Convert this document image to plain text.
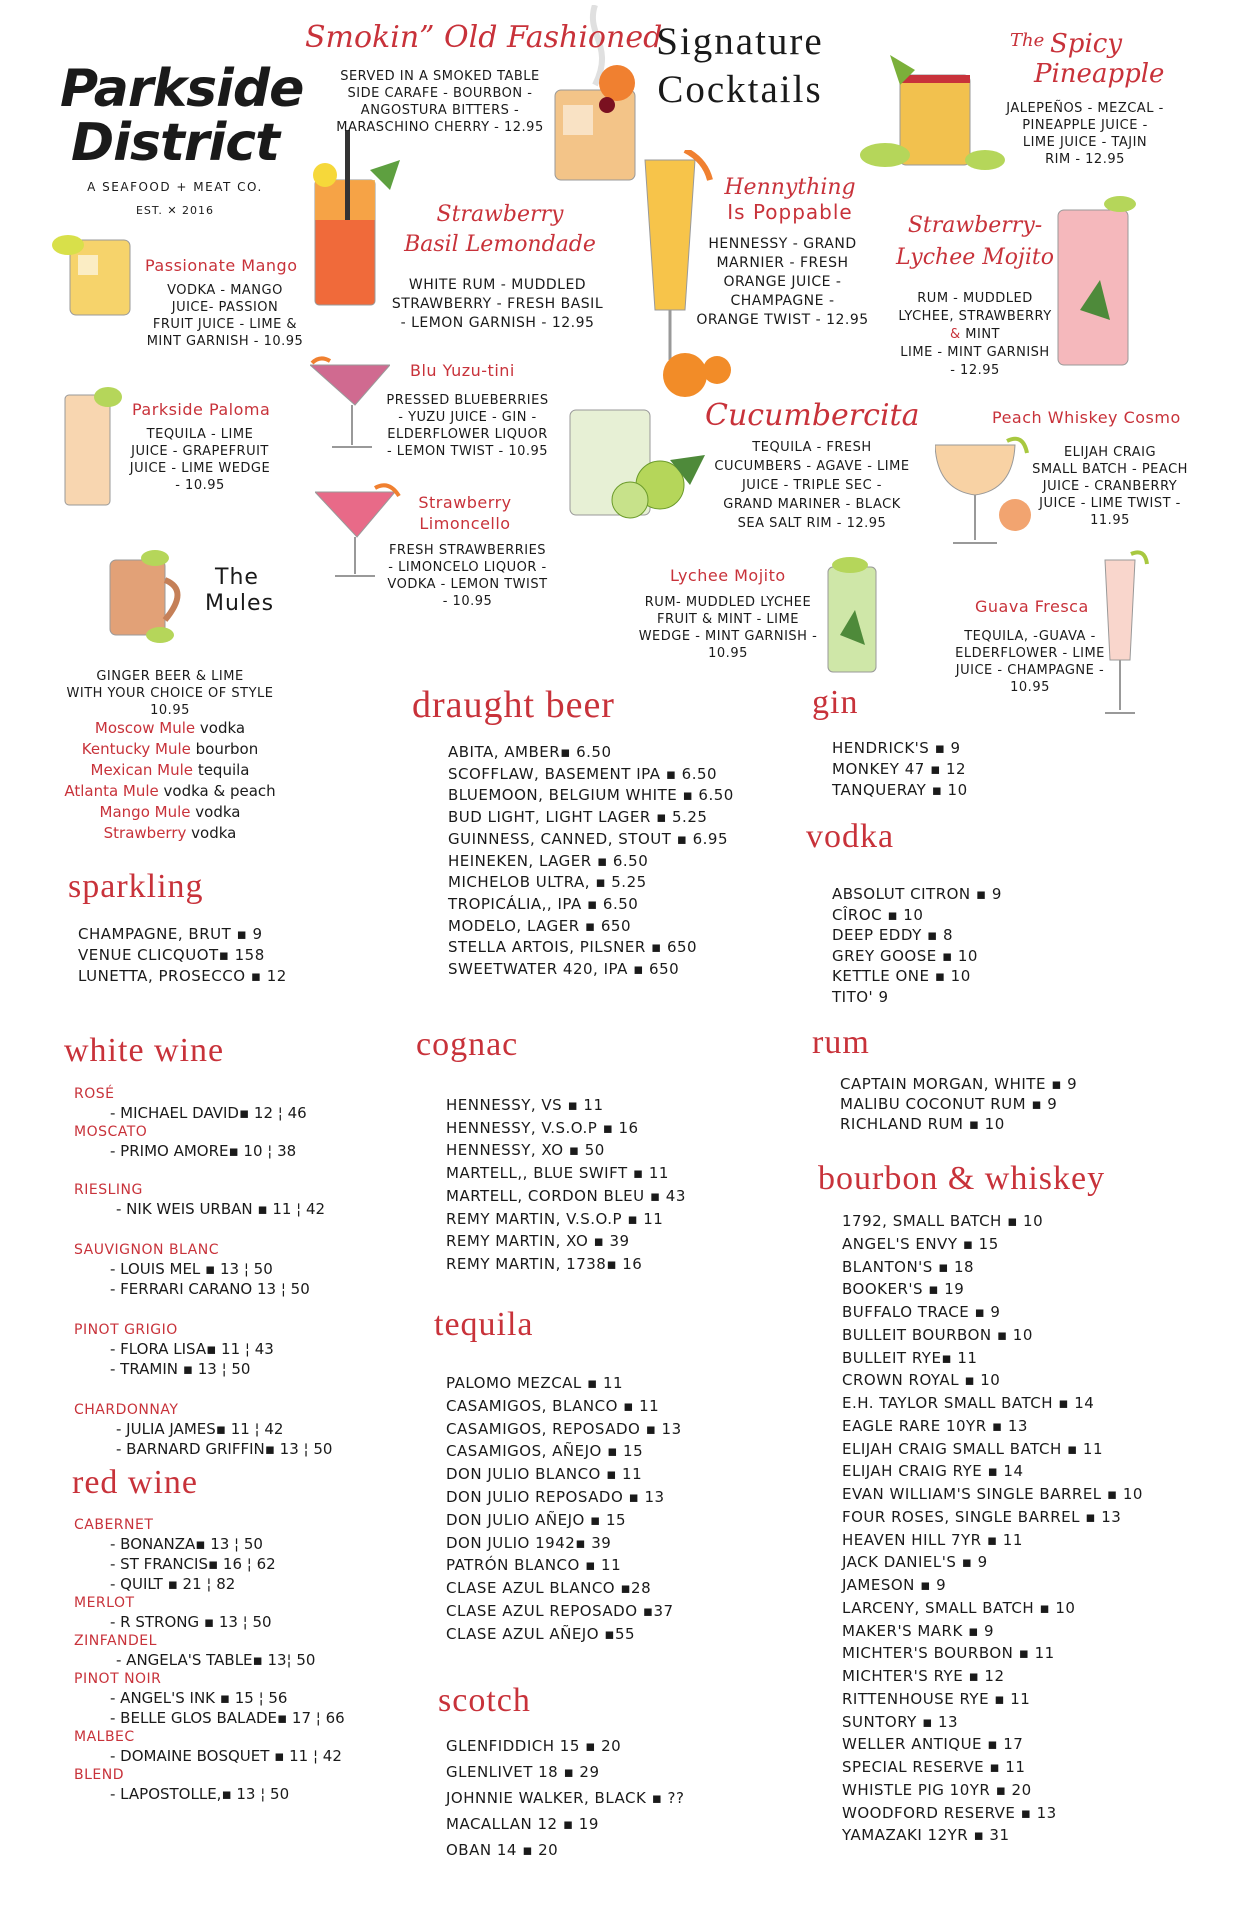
Parkside
District
A SEAFOOD + MEAT CO.
EST. ✕ 2016
Signature
Cocktails
Smokin” Old Fashioned
SERVED IN A SMOKED TABLE
SIDE CARAFE - BOURBON -
ANGOSTURA BITTERS -
MARASCHINO CHERRY - 12.95
The Spicy
Pineapple
JALEPEÑOS - MEZCAL -
PINEAPPLE JUICE -
LIME JUICE - TAJIN
RIM - 12.95
Passionate Mango
VODKA - MANGO
JUICE- PASSION
FRUIT JUICE - LIME &
MINT GARNISH - 10.95
Strawberry
Basil Lemondade
WHITE RUM - MUDDLED
STRAWBERRY - FRESH BASIL
- LEMON GARNISH - 12.95
Hennything
Is Poppable
HENNESSY - GRAND
MARNIER - FRESH
ORANGE JUICE -
CHAMPAGNE -
ORANGE TWIST - 12.95
Strawberry-
Lychee Mojito
RUM - MUDDLED
LYCHEE, STRAWBERRY
& MINT
LIME - MINT GARNISH
- 12.95
Parkside Paloma
TEQUILA - LIME
JUICE - GRAPEFRUIT
JUICE - LIME WEDGE
- 10.95
Blu Yuzu-tini
PRESSED BLUEBERRIES
- YUZU JUICE - GIN -
ELDERFLOWER LIQUOR
- LEMON TWIST - 10.95
Cucumbercita
TEQUILA - FRESH
CUCUMBERS - AGAVE - LIME
JUICE - TRIPLE SEC -
GRAND MARINER - BLACK
SEA SALT RIM - 12.95
Peach Whiskey Cosmo
ELIJAH CRAIG
SMALL BATCH - PEACH
JUICE - CRANBERRY
JUICE - LIME TWIST -
11.95
Strawberry
Limoncello
FRESH STRAWBERRIES
- LIMONCELO LIQUOR -
VODKA - LEMON TWIST
- 10.95
Lychee Mojito
RUM- MUDDLED LYCHEE
FRUIT & MINT - LIME
WEDGE - MINT GARNISH -
10.95
Guava Fresca
TEQUILA, -GUAVA -
ELDERFLOWER - LIME
JUICE - CHAMPAGNE -
10.95
The
Mules
GINGER BEER & LIME
WITH YOUR CHOICE OF STYLE
10.95
Moscow Mule vodka
Kentucky Mule bourbon
Mexican Mule tequila
Atlanta Mule vodka & peach
Mango Mule vodka
Strawberry vodka
sparkling
CHAMPAGNE, BRUT ▪ 9
VENUE CLICQUOT▪ 158
LUNETTA, PROSECCO ▪ 12
draught beer
ABITA, AMBER▪ 6.50
SCOFFLAW, BASEMENT IPA ▪ 6.50
BLUEMOON, BELGIUM WHITE ▪ 6.50
BUD LIGHT, LIGHT LAGER ▪ 5.25
GUINNESS, CANNED, STOUT ▪ 6.95
HEINEKEN, LAGER ▪ 6.50
MICHELOB ULTRA, ▪ 5.25
TROPICÁLIA,, IPA ▪ 6.50
MODELO, LAGER ▪ 650
STELLA ARTOIS, PILSNER ▪ 650
SWEETWATER 420, IPA ▪ 650
gin
HENDRICK'S ▪ 9
MONKEY 47 ▪ 12
TANQUERAY ▪ 10
vodka
ABSOLUT CITRON ▪ 9
CÎROC ▪ 10
DEEP EDDY ▪ 8
GREY GOOSE ▪ 10
KETTLE ONE ▪ 10
TITO' 9
white wine
ROSÉ
- MICHAEL DAVID▪ 12 ¦ 46
MOSCATO
- PRIMO AMORE▪ 10 ¦ 38
RIESLING
- NIK WEIS URBAN ▪ 11 ¦ 42
SAUVIGNON BLANC
- LOUIS MEL ▪ 13 ¦ 50
- FERRARI CARANO 13 ¦ 50
PINOT GRIGIO
- FLORA LISA▪ 11 ¦ 43
- TRAMIN ▪ 13 ¦ 50
CHARDONNAY
- JULIA JAMES▪ 11 ¦ 42
- BARNARD GRIFFIN▪ 13 ¦ 50
red wine
CABERNET
- BONANZA▪ 13 ¦ 50
- ST FRANCIS▪ 16 ¦ 62
- QUILT ▪ 21 ¦ 82
MERLOT
- R STRONG ▪ 13 ¦ 50
ZINFANDEL
- ANGELA'S TABLE▪ 13¦ 50
PINOT NOIR
- ANGEL'S INK ▪ 15 ¦ 56
- BELLE GLOS BALADE▪ 17 ¦ 66
MALBEC
- DOMAINE BOSQUET ▪ 11 ¦ 42
BLEND
- LAPOSTOLLE,▪ 13 ¦ 50
cognac
HENNESSY, VS ▪ 11
HENNESSY, V.S.O.P ▪ 16
HENNESSY, XO ▪ 50
MARTELL,, BLUE SWIFT ▪ 11
MARTELL, CORDON BLEU ▪ 43
REMY MARTIN, V.S.O.P ▪ 11
REMY MARTIN, XO ▪ 39
REMY MARTIN, 1738▪ 16
rum
CAPTAIN MORGAN, WHITE ▪ 9
MALIBU COCONUT RUM ▪ 9
RICHLAND RUM ▪ 10
tequila
PALOMO MEZCAL ▪ 11
CASAMIGOS, BLANCO ▪ 11
CASAMIGOS, REPOSADO ▪ 13
CASAMIGOS, AÑEJO ▪ 15
DON JULIO BLANCO ▪ 11
DON JULIO REPOSADO ▪ 13
DON JULIO AÑEJO ▪ 15
DON JULIO 1942▪ 39
PATRÓN BLANCO ▪ 11
CLASE AZUL BLANCO ▪28
CLASE AZUL REPOSADO ▪37
CLASE AZUL AÑEJO ▪55
scotch
GLENFIDDICH 15 ▪ 20
GLENLIVET 18 ▪ 29
JOHNNIE WALKER, BLACK ▪ ??
MACALLAN 12 ▪ 19
OBAN 14 ▪ 20
bourbon & whiskey
1792, SMALL BATCH ▪ 10
ANGEL'S ENVY ▪ 15
BLANTON'S ▪ 18
BOOKER'S ▪ 19
BUFFALO TRACE ▪ 9
BULLEIT BOURBON ▪ 10
BULLEIT RYE▪ 11
CROWN ROYAL ▪ 10
E.H. TAYLOR SMALL BATCH ▪ 14
EAGLE RARE 10YR ▪ 13
ELIJAH CRAIG SMALL BATCH ▪ 11
ELIJAH CRAIG RYE ▪ 14
EVAN WILLIAM'S SINGLE BARREL ▪ 10
FOUR ROSES, SINGLE BARREL ▪ 13
HEAVEN HILL 7YR ▪ 11
JACK DANIEL'S ▪ 9
JAMESON ▪ 9
LARCENY, SMALL BATCH ▪ 10
MAKER'S MARK ▪ 9
MICHTER'S BOURBON ▪ 11
MICHTER'S RYE ▪ 12
RITTENHOUSE RYE ▪ 11
SUNTORY ▪ 13
WELLER ANTIQUE ▪ 17
SPECIAL RESERVE ▪ 11
WHISTLE PIG 10YR ▪ 20
WOODFORD RESERVE ▪ 13
YAMAZAKI 12YR ▪ 31
